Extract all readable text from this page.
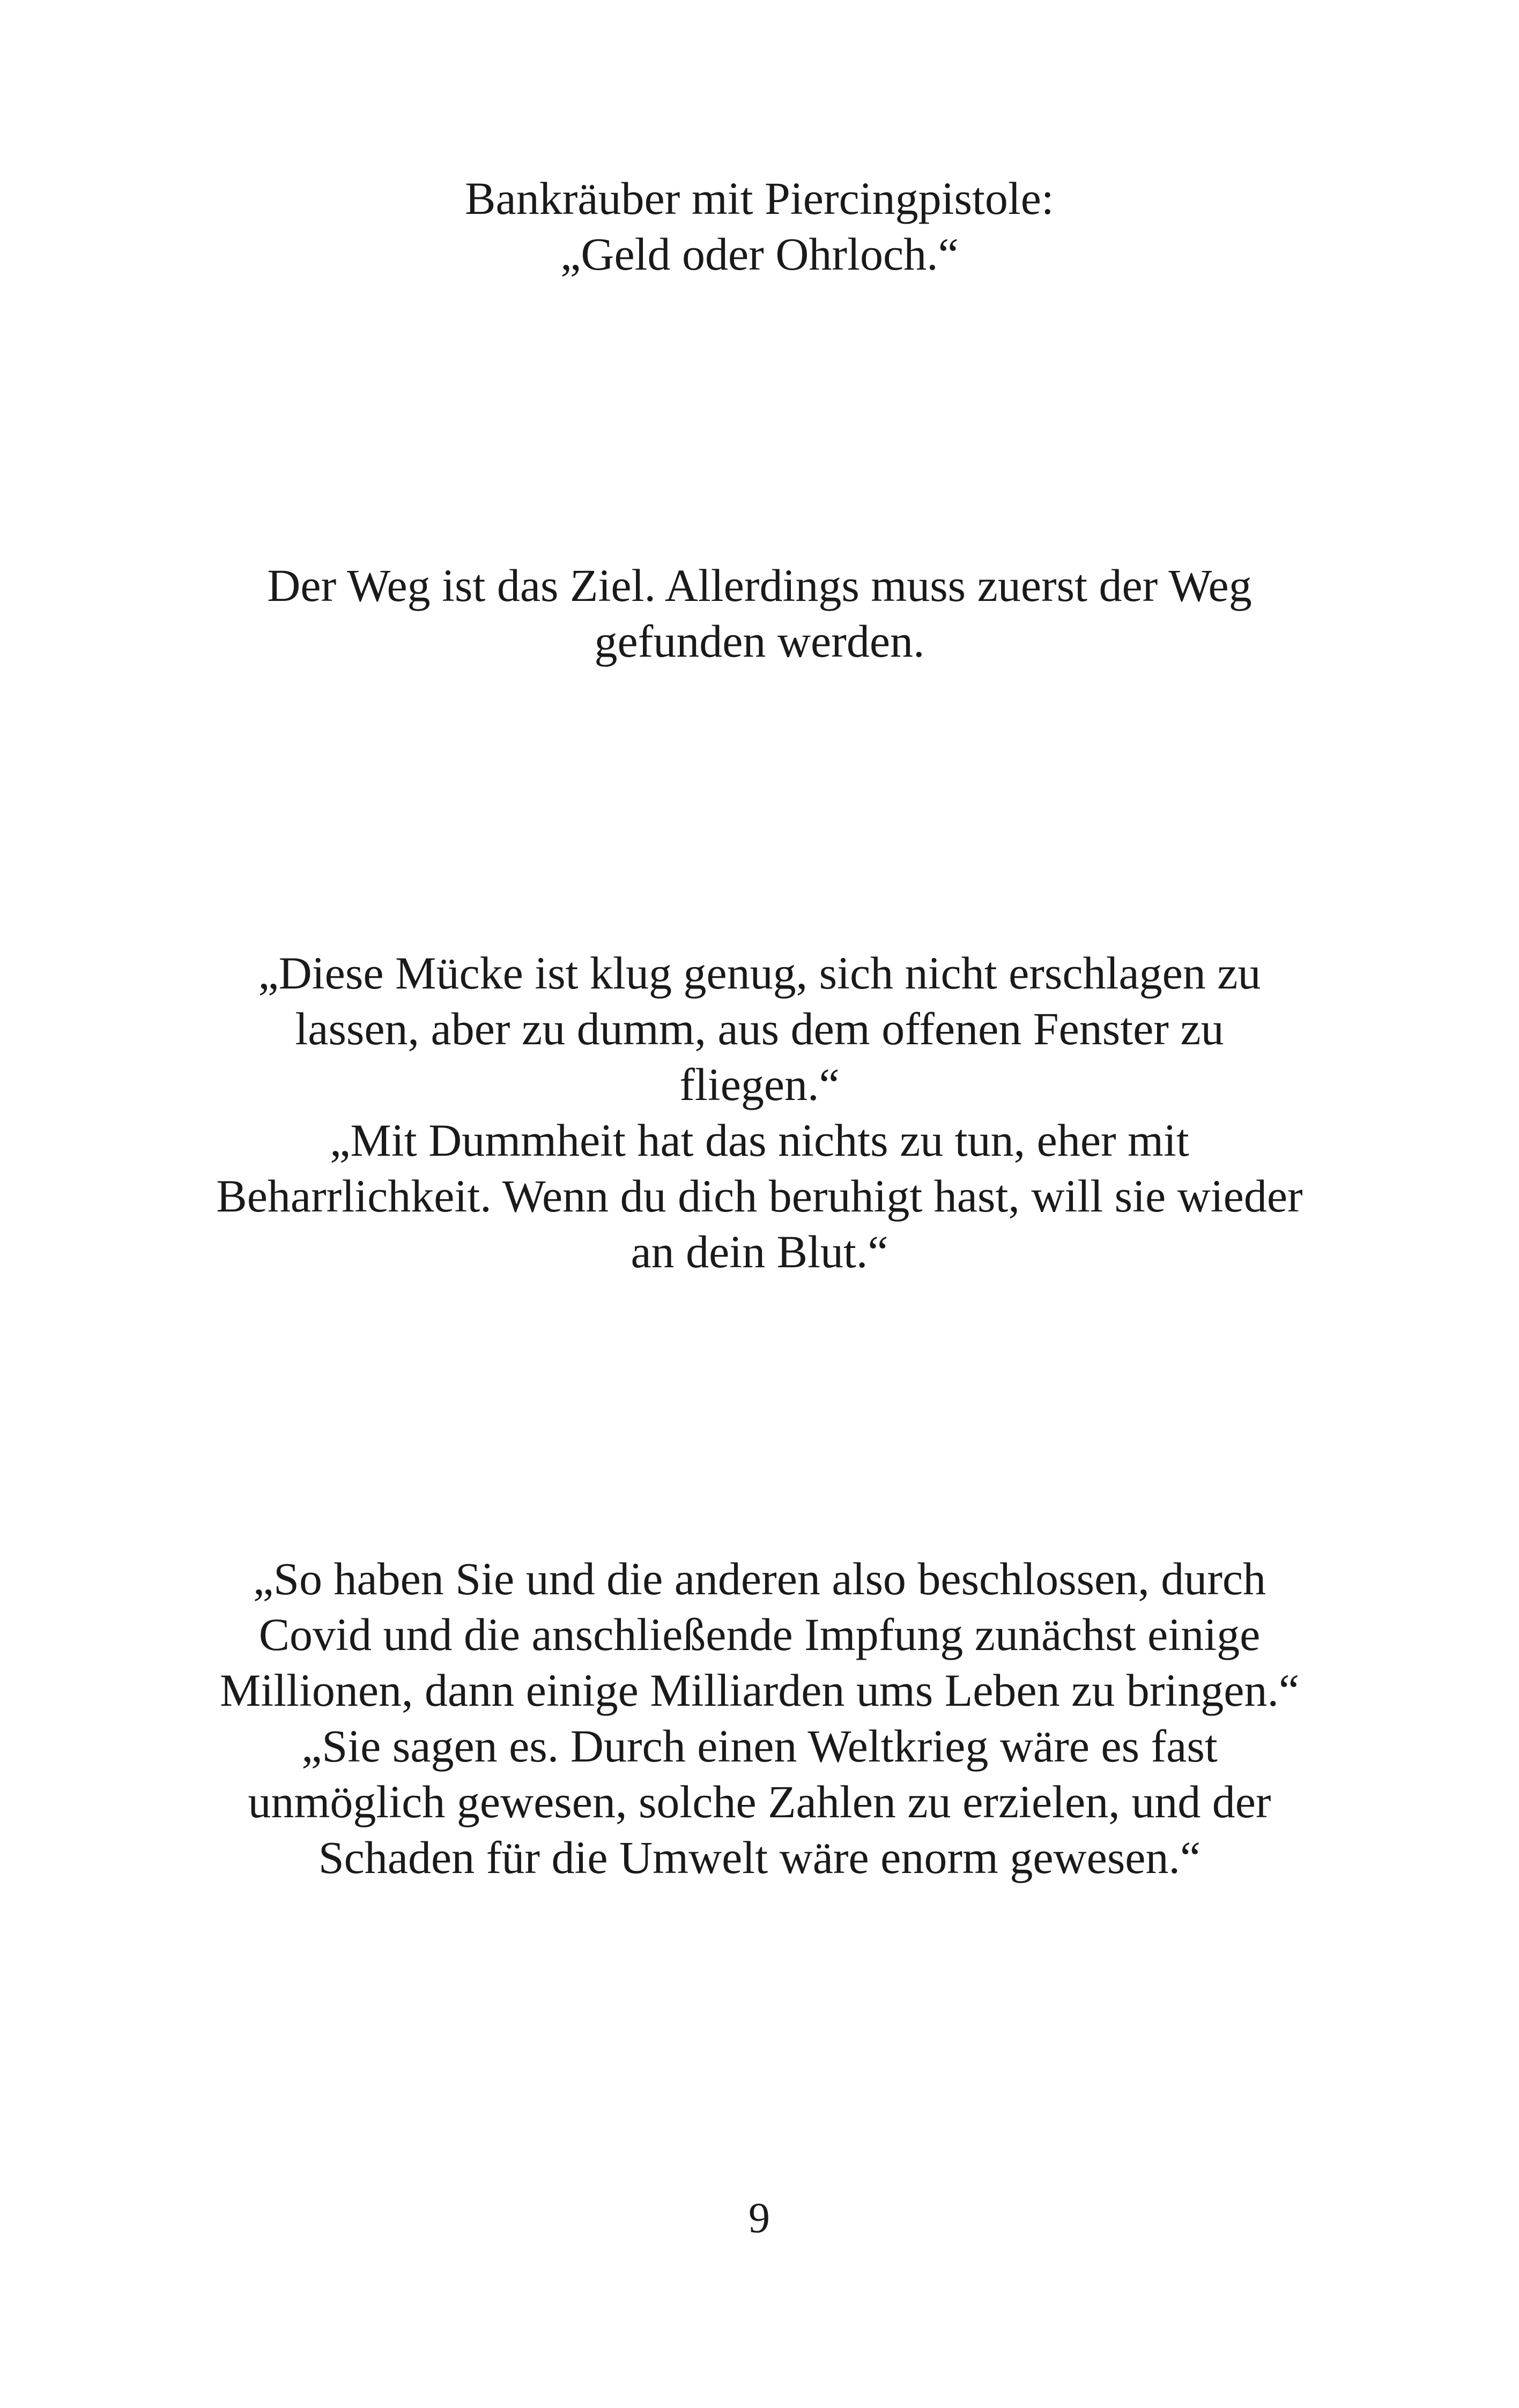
Bankräuber mit Piercingpistole:

„Geld oder Ohrloch.“

Der Weg ist das Ziel. Allerdings muss zuerst der Weg

gefunden werden.

„Diese Mücke ist klug genug, sich nicht erschlagen zu

lassen, aber zu dumm, aus dem offenen Fenster zu

fliegen.“

„Mit Dummheit hat das nichts zu tun, eher mit

Beharrlichkeit. Wenn du dich beruhigt hast, will sie wieder

an dein Blut.“

„So haben Sie und die anderen also beschlossen, durch

Covid und die anschließende Impfung zunächst einige

Millionen, dann einige Milliarden ums Leben zu bringen.“

„Sie sagen es. Durch einen Weltkrieg wäre es fast

unmöglich gewesen, solche Zahlen zu erzielen, und der

Schaden für die Umwelt wäre enorm gewesen.“

9
